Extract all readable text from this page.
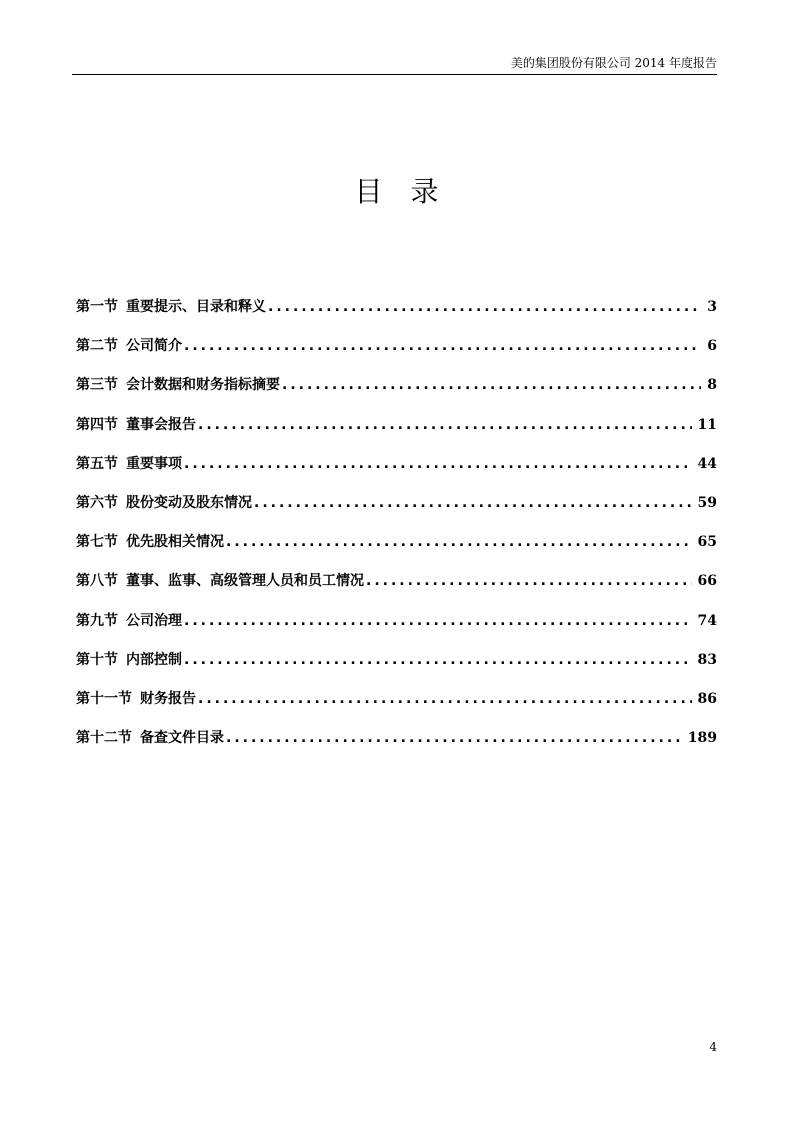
美的集团股份有限公司 2014 年度报告
目录
第一节 重要提示、目录和释义 .....	3
第二节 公司简介 .....	6
第三节 会计数据和财务指标摘要 .....	8
第四节 董事会报告 .....	11
第五节 重要事项 .....	44
第六节 股份变动及股东情况 .....	59
第七节 优先股相关情况 .....	65
第八节 董事、监事、高级管理人员和员工情况 .....	66
第九节 公司治理 .....	74
第十节 内部控制 .....	83
第十一节 财务报告 .....	86
第十二节 备查文件目录 .....	189
4
